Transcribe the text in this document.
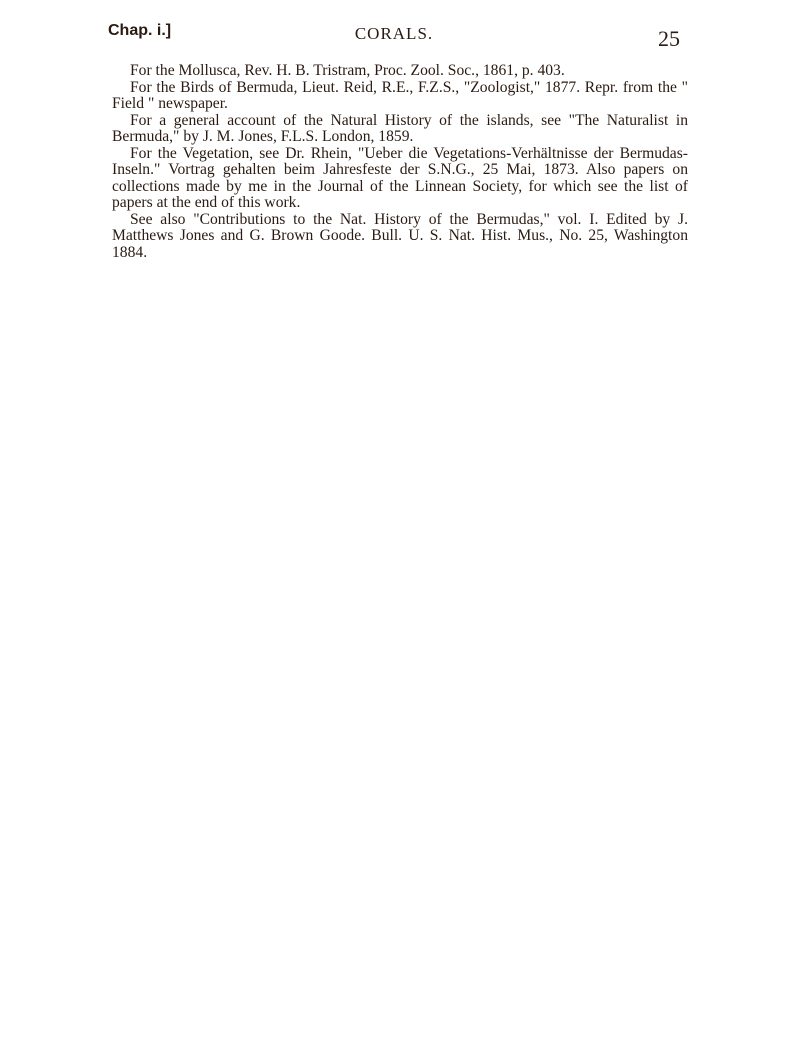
Chap. i.]	CORALS.	25

For the Mollusca, Rev. H. B. Tristram, Proc. Zool. Soc., 1861, p. 403.

For the Birds of Bermuda, Lieut. Reid, R.E., F.Z.S., "Zoologist," 1877. Repr. from the " Field " newspaper.

For a general account of the Natural History of the islands, see "The Naturalist in Bermuda," by J. M. Jones, F.L.S. London, 1859.

For the Vegetation, see Dr. Rhein, "Ueber die Vegetations-Verhältnisse der Bermudas-Inseln." Vortrag gehalten beim Jahresfeste der S.N.G., 25 Mai, 1873. Also papers on collections made by me in the Journal of the Linnean Society, for which see the list of papers at the end of this work.

See also "Contributions to the Nat. History of the Bermudas," vol. I. Edited by J. Matthews Jones and G. Brown Goode. Bull. U. S. Nat. Hist. Mus., No. 25, Washington 1884.
